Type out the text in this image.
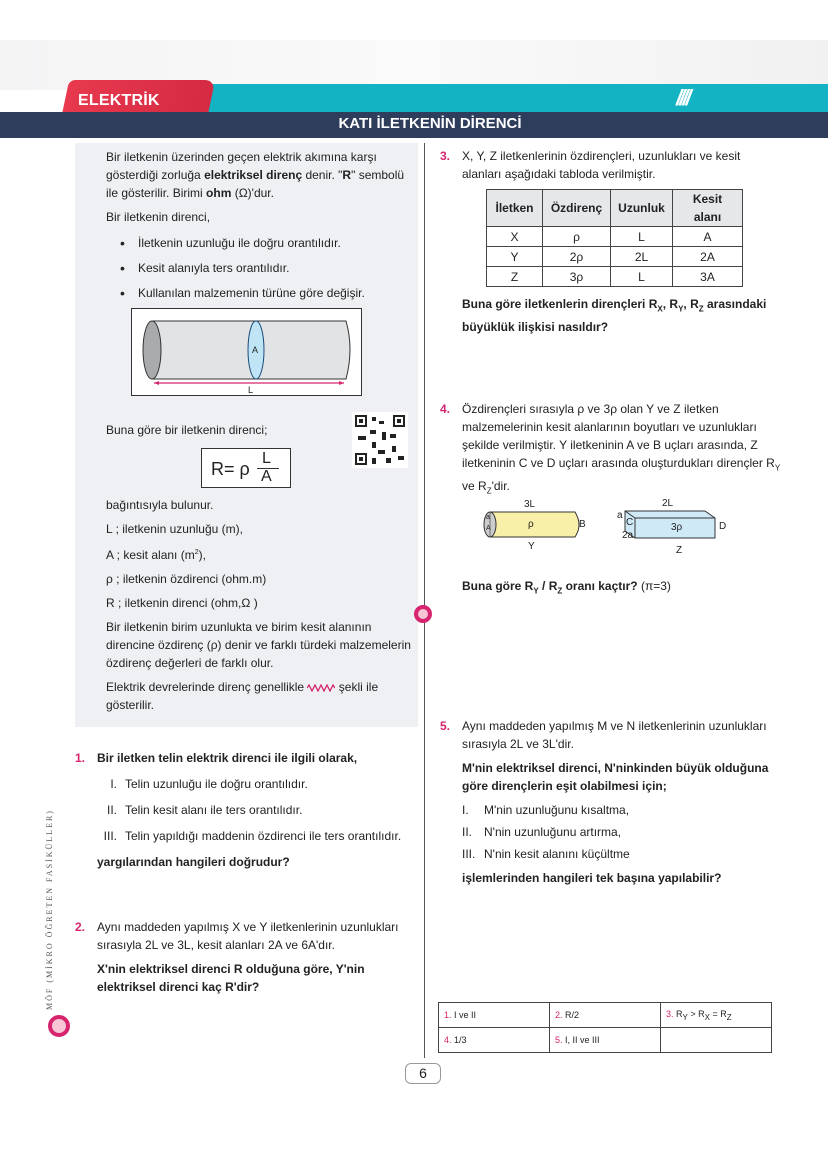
////
ELEKTRİK
KATI İLETKENİN DİRENCİ

Bir iletkenin üzerinden geçen elektrik akımına karşı gösterdiği zorluğa elektriksel direnç denir. "R" sembolü ile gösterilir. Birimi ohm (Ω)'dur.

Bir iletkenin direnci,

• İletkenin uzunluğu ile doğru orantılıdır.
• Kesit alanıyla ters orantılıdır.
• Kullanılan malzemenin türüne göre değişir.
A
L
Buna göre bir iletkenin direnci;
R= ρ
L
A

bağıntısıyla bulunur.

L ; iletkenin uzunluğu (m),

A ; kesit alanı $(m^2)$,

ρ ; iletkenin özdirenci (ohm.m)

R ; iletkenin direnci (ohm,Ω )

Bir iletkenin birim uzunlukta ve birim kesit alanının direncine özdirenç (ρ) denir ve farklı türdeki malzemelerin özdirenç değerleri de farklı olur.

Elektrik devrelerinde direnç genellikle  şekli ile gösterilir.

1. Bir iletken telin elektrik direnci ile ilgili olarak,

I. Telin uzunluğu ile doğru orantılıdır.

II. Telin kesit alanı ile ters orantılıdır.

III. Telin yapıldığı maddenin özdirenci ile ters orantılıdır.

yargılarından hangileri doğrudur?

2. Aynı maddeden yapılmış X ve Y iletkenlerinin uzunlukları sırasıyla 2L ve 3L, kesit alanları 2A ve 6A'dır.

X'nin elektriksel direnci R olduğuna göre, Y'nin elektriksel direnci kaç R'dir?

MÖF (MİKRO ÖĞRETEN FASİKÜLLER)
3. X, Y, Z iletkenlerinin özdirençleri, uzunlukları ve kesit alanları aşağıdaki tabloda verilmiştir.

İletken	Özdirenç	Uzunluk	Kesit alanı
X	ρ	L	A
Y	2ρ	2L	2A
Z	3ρ	L	3A

Buna göre iletkenlerin dirençleri $R_X$, $R_Y$, $R_Z$ arasındaki büyüklük ilişkisi nasıldır?

4. Özdirençleri sırasıyla ρ ve 3ρ olan Y ve Z iletken malzemelerinin kesit alanlarının boyutları ve uzunlukları şekilde verilmiştir. Y iletkeninin A ve B uçları arasında, Z iletkeninin C ve D uçları arasında oluşturdukları dirençler $R_Y$ ve $R_Z'dir$.

3L
a
A	ρ	B
Y
2L
a
C
2a
3ρ	D
Z
Buna göre $R_Y / R_Z$ oranı kaçtır? (π=3)
5. Aynı maddeden yapılmış M ve N iletkenlerinin uzunlukları sırasıyla 2L ve 3L'dir.

M'nin elektriksel direnci, N'ninkinden büyük olduğuna göre dirençlerin eşit olabilmesi için;

I. M'nin uzunluğunu kısaltma,

II. N'nin uzunluğunu artırma,

III. N'nin kesit alanını küçültme

işlemlerinden hangileri tek başına yapılabilir?

1. I ve II	2. R/2	3. $R_Y > R_X = R_Z$
4. 1/3	5. I, II ve III	
6
